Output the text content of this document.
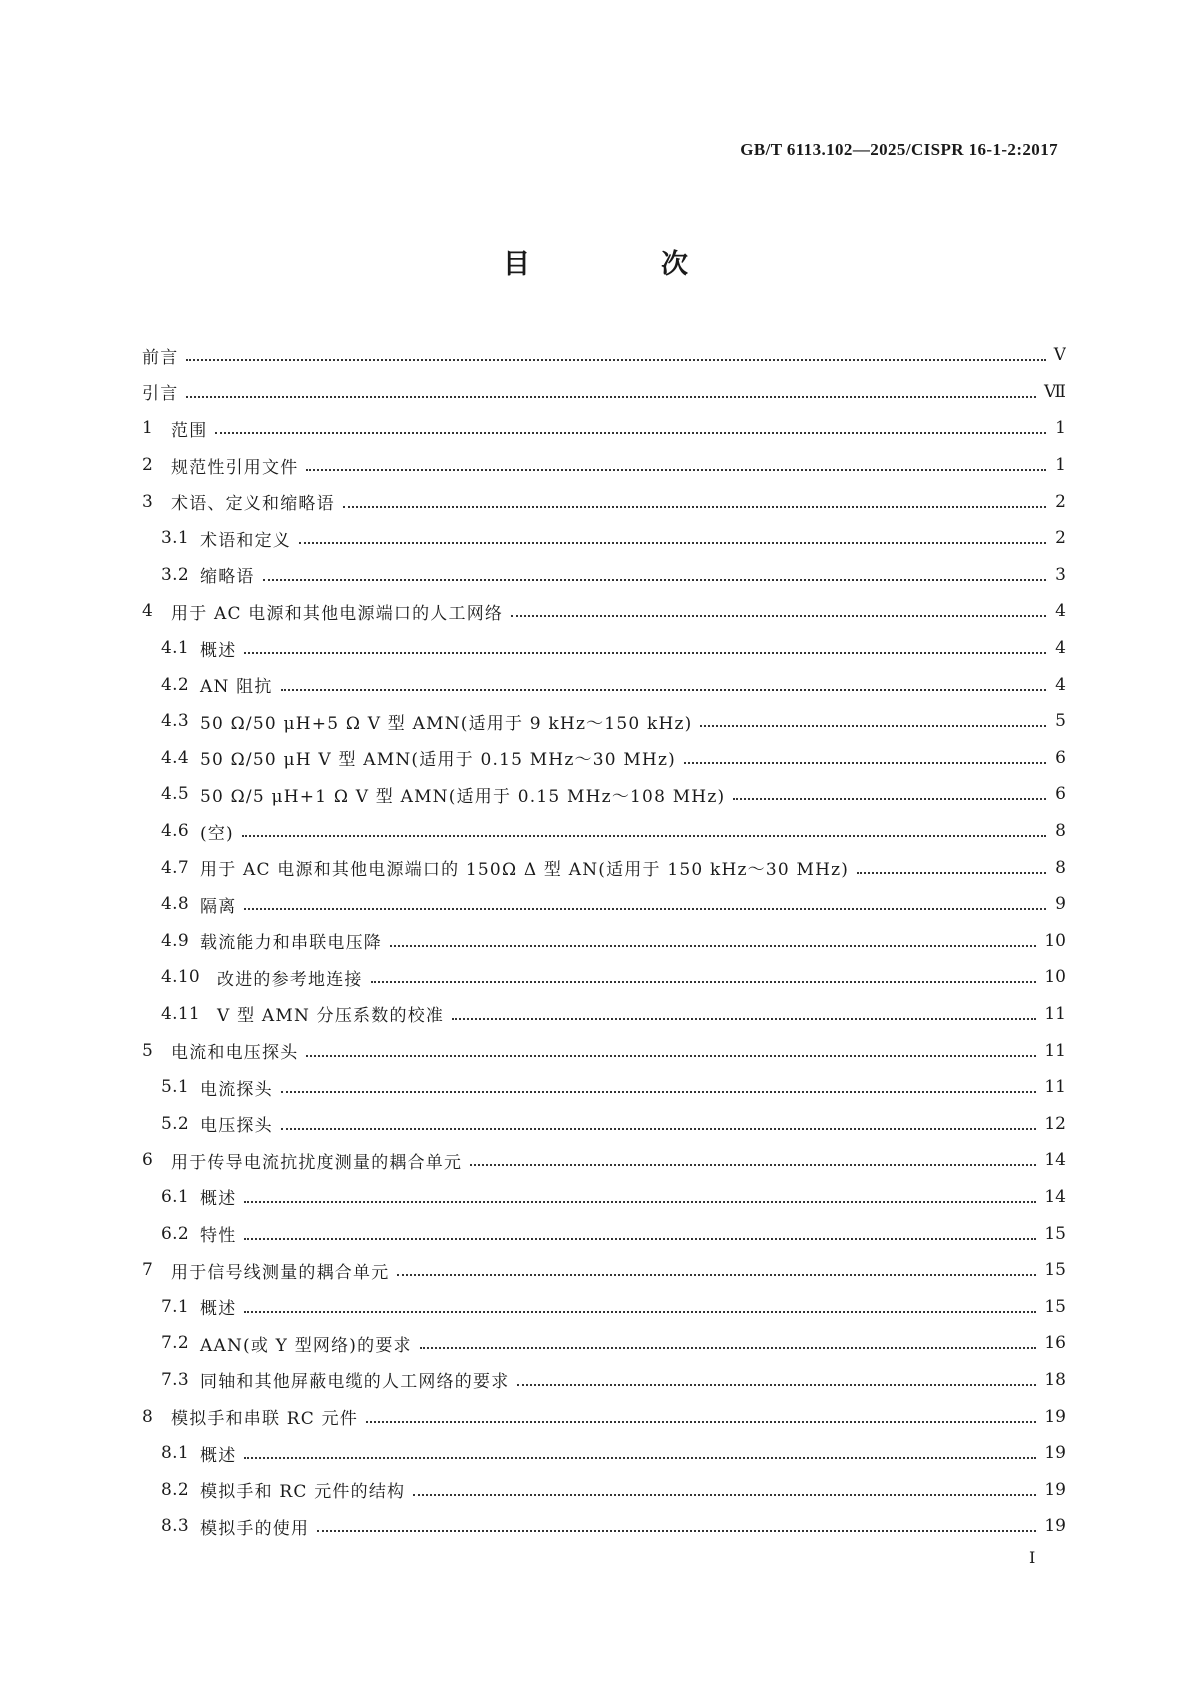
GB/T 6113.102—2025/CISPR 16-1-2:2017
目　次
前言	Ⅴ
引言	Ⅶ
1	范围	1
2	规范性引用文件	1
3	术语、定义和缩略语	2
3.1 术语和定义	2
3.2 缩略语	3
4	用于 AC 电源和其他电源端口的人工网络	4
4.1 概述	4
4.2 AN 阻抗	4
4.3 50 Ω/50 μH+5 Ω V 型 AMN(适用于 9 kHz～150 kHz)	5
4.4 50 Ω/50 μH V 型 AMN(适用于 0.15 MHz～30 MHz)	6
4.5 50 Ω/5 μH+1 Ω V 型 AMN(适用于 0.15 MHz～108 MHz)	6
4.6 (空)	8
4.7 用于 AC 电源和其他电源端口的 150Ω Δ 型 AN(适用于 150 kHz～30 MHz)	8
4.8 隔离	9
4.9 载流能力和串联电压降	10
4.10 改进的参考地连接	10
4.11 V 型 AMN 分压系数的校准	11
5	电流和电压探头	11
5.1 电流探头	11
5.2 电压探头	12
6	用于传导电流抗扰度测量的耦合单元	14
6.1 概述	14
6.2 特性	15
7	用于信号线测量的耦合单元	15
7.1 概述	15
7.2 AAN(或 Y 型网络)的要求	16
7.3 同轴和其他屏蔽电缆的人工网络的要求	18
8	模拟手和串联 RC 元件	19
8.1 概述	19
8.2 模拟手和 RC 元件的结构	19
8.3 模拟手的使用	19
I
